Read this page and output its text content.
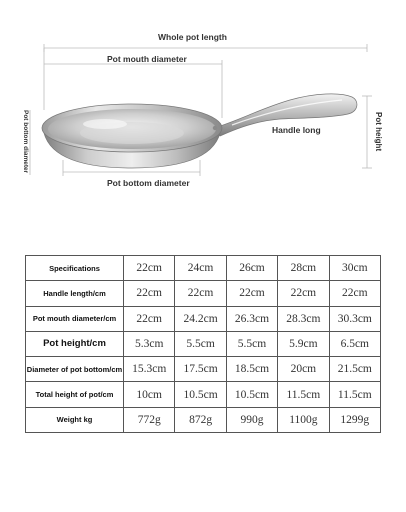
Whole pot length
Pot mouth diameter
Handle long
Pot bottom diameter
Pot height
Pot bottom diameter
Specifications	22cm	24cm	26cm	28cm	30cm
Handle length/cm	22cm	22cm	22cm	22cm	22cm
Pot mouth diameter/cm	22cm	24.2cm	26.3cm	28.3cm	30.3cm
Pot height/cm	5.3cm	5.5cm	5.5cm	5.9cm	6.5cm
Diameter of pot bottom/cm	15.3cm	17.5cm	18.5cm	20cm	21.5cm
Total height of pot/cm	10cm	10.5cm	10.5cm	11.5cm	11.5cm
Weight kg	772g	872g	990g	1100g	1299g
